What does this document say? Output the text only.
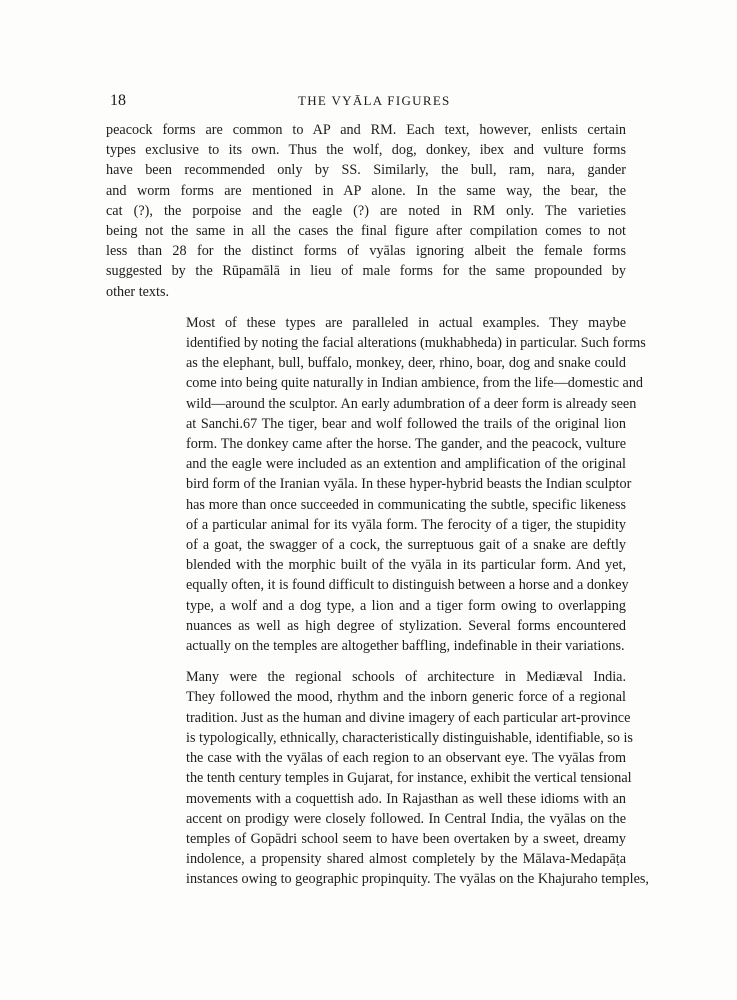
18	THE VYĀLA FIGURES

peacock forms are common to AP and RM. Each text, however, enlists certain
types exclusive to its own. Thus the wolf, dog, donkey, ibex and vulture forms
have been recommended only by SS. Similarly, the bull, ram, nara, gander
and worm forms are mentioned in AP alone. In the same way, the bear, the
cat (?), the porpoise and the eagle (?) are noted in RM only. The varieties
being not the same in all the cases the final figure after compilation comes to not
less than 28 for the distinct forms of vyālas ignoring albeit the female forms
suggested by the Rūpamālā in lieu of male forms for the same propounded by
other texts.

Most of these types are paralleled in actual examples. They maybe
identified by noting the facial alterations (mukhabheda) in particular. Such forms
as the elephant, bull, buffalo, monkey, deer, rhino, boar, dog and snake could
come into being quite naturally in Indian ambience, from the life—domestic and
wild—around the sculptor. An early adumbration of a deer form is already seen
at Sanchi.67 The tiger, bear and wolf followed the trails of the original lion
form. The donkey came after the horse. The gander, and the peacock, vulture
and the eagle were included as an extention and amplification of the original
bird form of the Iranian vyāla. In these hyper-hybrid beasts the Indian sculptor
has more than once succeeded in communicating the subtle, specific likeness
of a particular animal for its vyāla form. The ferocity of a tiger, the stupidity
of a goat, the swagger of a cock, the surreptuous gait of a snake are deftly
blended with the morphic built of the vyāla in its particular form. And yet,
equally often, it is found difficult to distinguish between a horse and a donkey
type, a wolf and a dog type, a lion and a tiger form owing to overlapping
nuances as well as high degree of stylization. Several forms encountered
actually on the temples are altogether baffling, indefinable in their variations.

Many were the regional schools of architecture in Mediæval India.
They followed the mood, rhythm and the inborn generic force of a regional
tradition. Just as the human and divine imagery of each particular art-province
is typologically, ethnically, characteristically distinguishable, identifiable, so is
the case with the vyālas of each region to an observant eye. The vyālas from
the tenth century temples in Gujarat, for instance, exhibit the vertical tensional
movements with a coquettish ado. In Rajasthan as well these idioms with an
accent on prodigy were closely followed. In Central India, the vyālas on the
temples of Gopādri school seem to have been overtaken by a sweet, dreamy
indolence, a propensity shared almost completely by the Mālava-Medapāṭa
instances owing to geographic propinquity. The vyālas on the Khajuraho temples,
